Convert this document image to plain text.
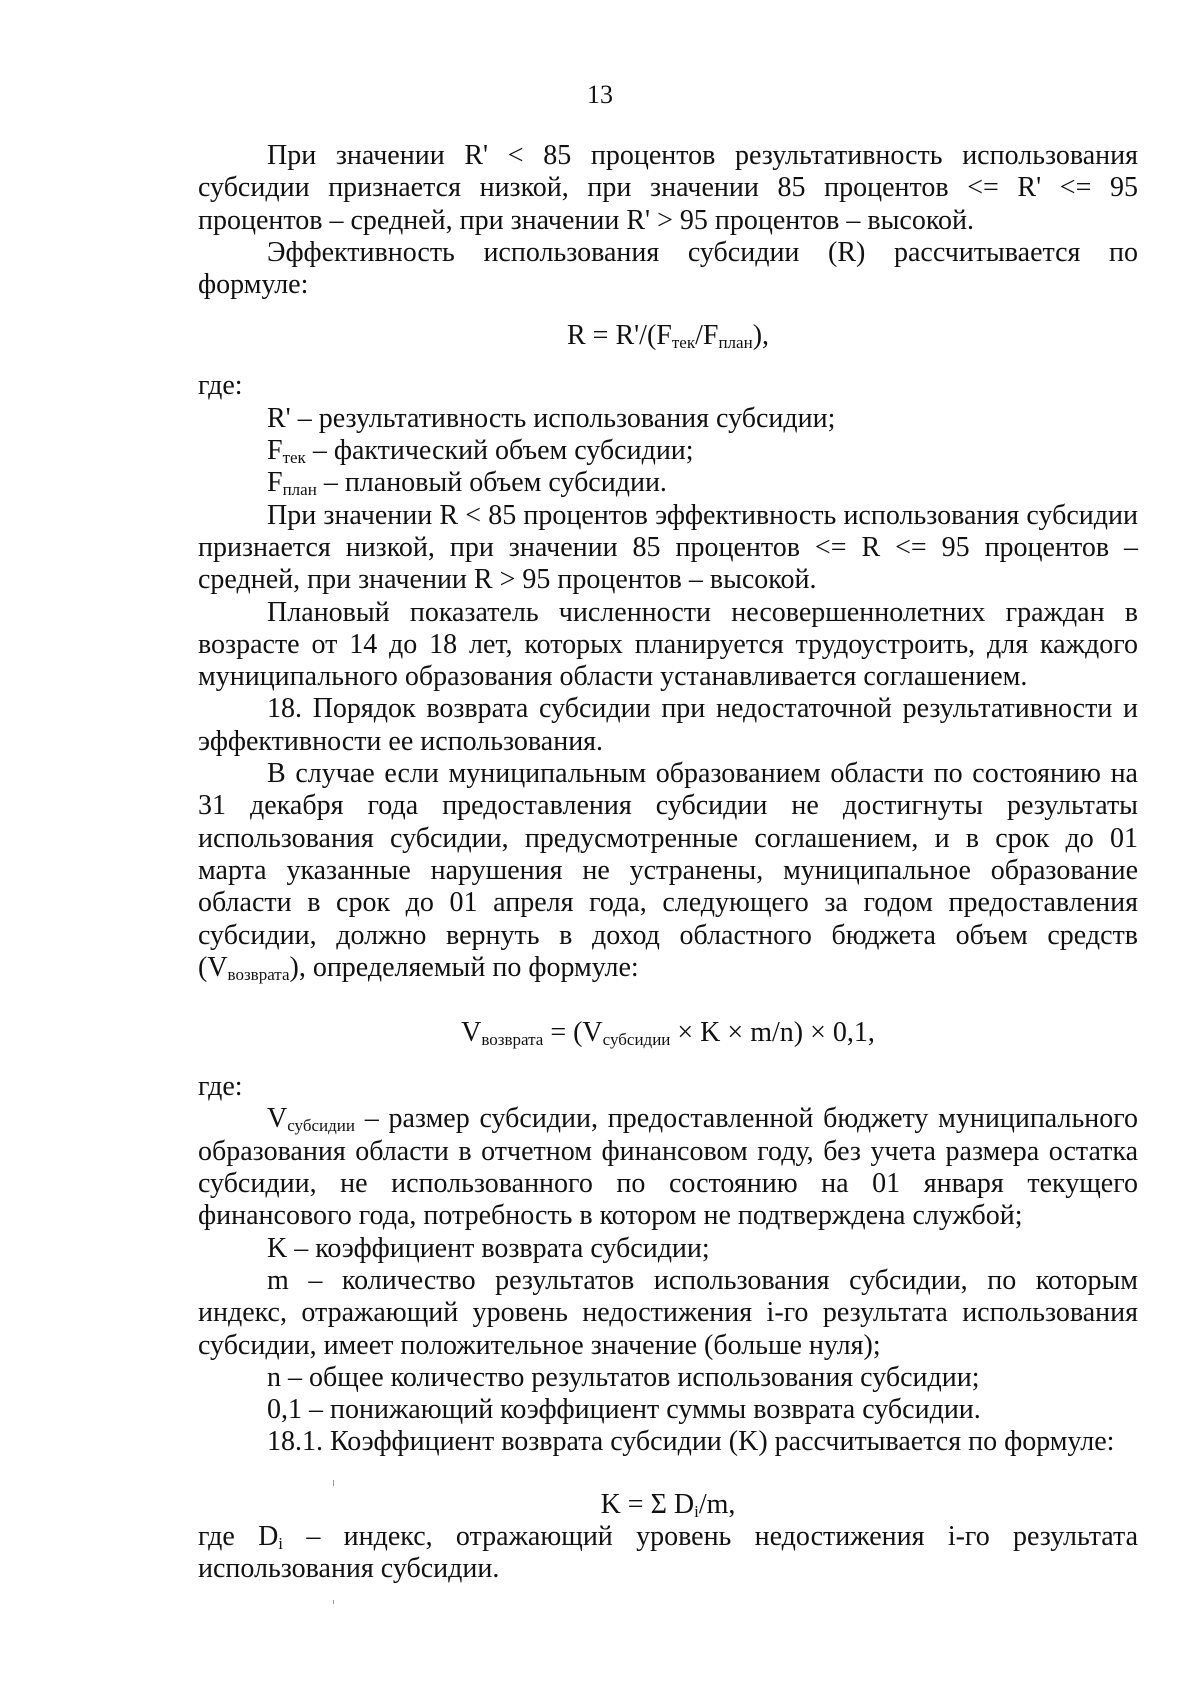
13

При значении R' < 85 процентов результативность использования субсидии признается низкой, при значении 85 процентов <= R' <= 95 процентов – средней, при значении R' > 95 процентов – высокой.

Эффективность использования субсидии (R) рассчитывается по формуле:

$R = R'/(F_{тек}/F_{план})$,

где:

R' – результативность использования субсидии;

$F_{тек}$ – фактический объем субсидии;

$F_{план}$ – плановый объем субсидии.

При значении R < 85 процентов эффективность использования субсидии признается низкой, при значении 85 процентов <= R <= 95 процентов – средней, при значении R > 95 процентов – высокой.

Плановый показатель численности несовершеннолетних граждан в возрасте от 14 до 18 лет, которых планируется трудоустроить, для каждого муниципального образования области устанавливается соглашением.

18. Порядок возврата субсидии при недостаточной результативности и эффективности ее использования.

В случае если муниципальным образованием области по состоянию на 31 декабря года предоставления субсидии не достигнуты результаты использования субсидии, предусмотренные соглашением, и в срок до 01 марта указанные нарушения не устранены, муниципальное образование области в срок до 01 апреля года, следующего за годом предоставления субсидии, должно вернуть в доход областного бюджета объем средств $(V_{возврата})$, определяемый по формуле:

$V_{возврата} = (V_{субсидии} \times K \times m/n) \times 0,1$,

где:

$V_{субсидии}$ – размер субсидии, предоставленной бюджету муниципального образования области в отчетном финансовом году, без учета размера остатка субсидии, не использованного по состоянию на 01 января текущего финансового года, потребность в котором не подтверждена службой;

K – коэффициент возврата субсидии;

m – количество результатов использования субсидии, по которым индекс, отражающий уровень недостижения i-го результата использования субсидии, имеет положительное значение (больше нуля);

n – общее количество результатов использования субсидии;

0,1 – понижающий коэффициент суммы возврата субсидии.

18.1. Коэффициент возврата субсидии (K) рассчитывается по формуле:

K = Σ $D_i/m$,

где $D_i$ – индекс, отражающий уровень недостижения i-го результата использования субсидии.
